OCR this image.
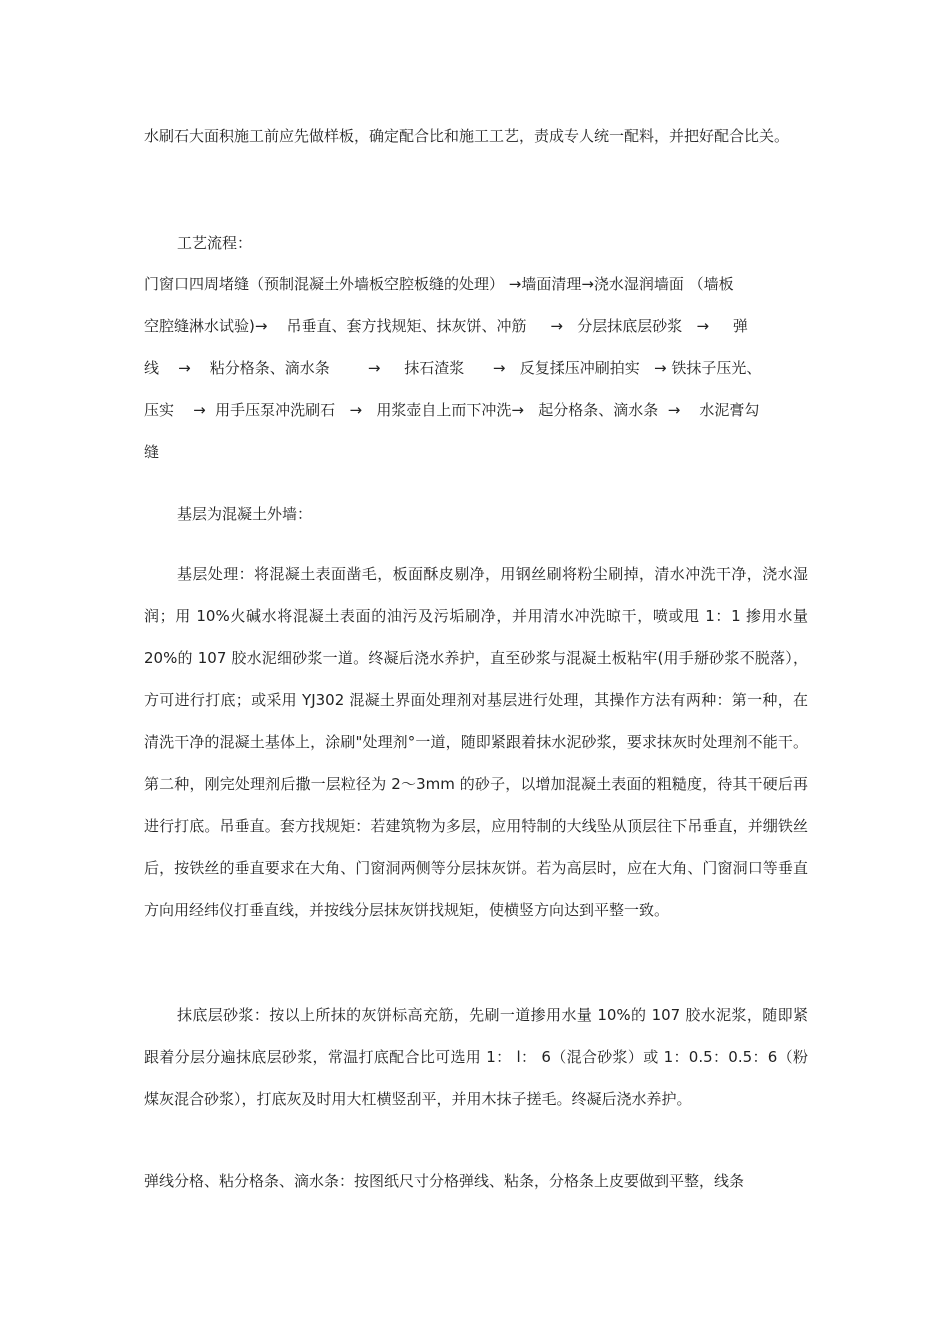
水刷石大面积施工前应先做样板，确定配合比和施工工艺，责成专人统一配料，并把好配合比关。

工艺流程：

门窗口四周堵缝（预制混凝土外墙板空腔板缝的处理） →墙面清理→浇水湿润墙面 （墙板
空腔缝淋水试验)→    吊垂直、套方找规矩、抹灰饼、冲筋     →   分层抹底层砂浆   →     弹
线    →    粘分格条、滴水条        →     抹石渣浆      →   反复揉压冲刷拍实   → 铁抹子压光、
压实    →  用手压泵冲洗刷石   →   用浆壶自上而下冲洗→   起分格条、滴水条  →    水泥膏勾
缝

基层为混凝土外墙：

基层处理：将混凝土表面凿毛，板面酥皮剔净，用钢丝刷将粉尘刷掉，清水冲洗干净，浇水湿润；用 10%火碱水将混凝土表面的油污及污垢刷净，并用清水冲洗晾干，喷或甩 1：1 掺用水量 20%的 107 胶水泥细砂浆一道。终凝后浇水养护，直至砂浆与混凝土板粘牢(用手掰砂浆不脱落），方可进行打底；或采用 YJ302 混凝土界面处理剂对基层进行处理，其操作方法有两种：第一种，在清洗干净的混凝土基体上，涂刷"处理剂°一道，随即紧跟着抹水泥砂浆，要求抹灰时处理剂不能干。第二种，刚完处理剂后撒一层粒径为 2～3mm 的砂子，以增加混凝土表面的粗糙度，待其干硬后再进行打底。吊垂直。套方找规矩：若建筑物为多层，应用特制的大线坠从顶层往下吊垂直，并绷铁丝后，按铁丝的垂直要求在大角、门窗洞两侧等分层抹灰饼。若为高层时，应在大角、门窗洞口等垂直方向用经纬仪打垂直线，并按线分层抹灰饼找规矩，使横竖方向达到平整一致。

抹底层砂浆：按以上所抹的灰饼标高充筋，先刷一道掺用水量 10%的 107 胶水泥浆，随即紧跟着分层分遍抹底层砂浆，常温打底配合比可选用 1： l： 6（混合砂浆）或 1：0.5：0.5：6（粉煤灰混合砂浆），打底灰及时用大杠横竖刮平，并用木抹子搓毛。终凝后浇水养护。

弹线分格、粘分格条、滴水条：按图纸尺寸分格弹线、粘条，分格条上皮要做到平整，线条
